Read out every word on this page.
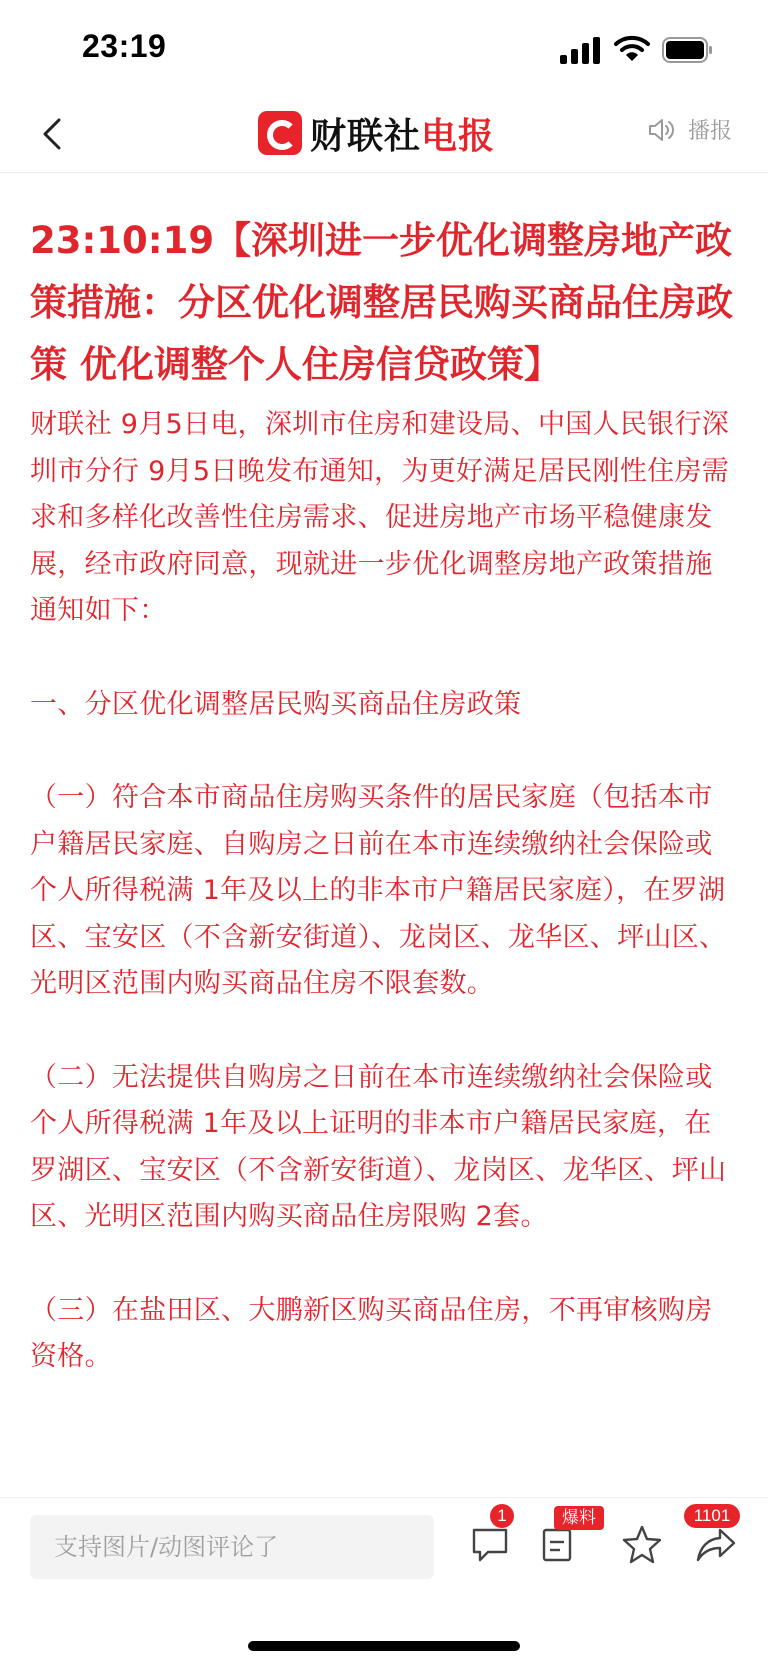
23:19
财联社电报	播报
23:10:19【深圳进一步优化调整房地产政策措施：分区优化调整居民购买商品住房政策 优化调整个人住房信贷政策】

财联社 9月5日电，深圳市住房和建设局、中国人民银行深圳市分行 9月5日晚发布通知，为更好满足居民刚性住房需求和多样化改善性住房需求、促进房地产市场平稳健康发展，经市政府同意，现就进一步优化调整房地产政策措施通知如下：

一、分区优化调整居民购买商品住房政策

（一）符合本市商品住房购买条件的居民家庭（包括本市户籍居民家庭、自购房之日前在本市连续缴纳社会保险或个人所得税满 1年及以上的非本市户籍居民家庭），在罗湖区、宝安区（不含新安街道）、龙岗区、龙华区、坪山区、光明区范围内购买商品住房不限套数。

（二）无法提供自购房之日前在本市连续缴纳社会保险或个人所得税满 1年及以上证明的非本市户籍居民家庭，在罗湖区、宝安区（不含新安街道）、龙岗区、龙华区、坪山区、光明区范围内购买商品住房限购 2套。

（三）在盐田区、大鹏新区购买商品住房，不再审核购房资格。

支持图片/动图评论了
1	爆料	1101
